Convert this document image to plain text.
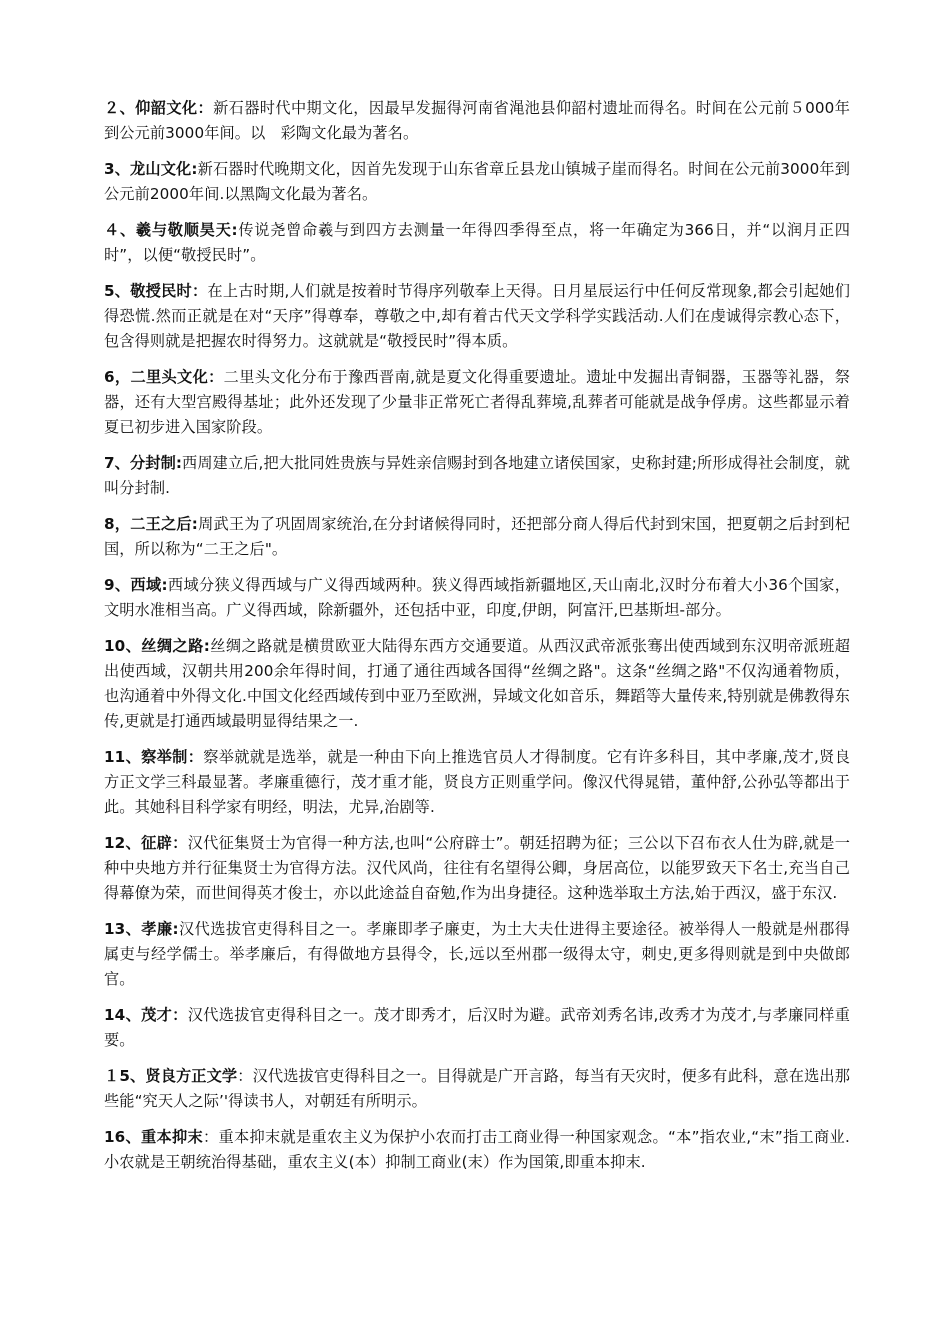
２、仰韶文化：新石器时代中期文化，因最早发掘得河南省渑池县仰韶村遗址而得名。时间在公元前５000年到公元前3000年间。以　彩陶文化最为著名。

3、龙山文化:新石器时代晚期文化，因首先发现于山东省章丘县龙山镇城子崖而得名。时间在公元前3000年到公元前2000年间.以黑陶文化最为著名。

４、羲与敬顺昊天:传说尧曾命羲与到四方去测量一年得四季得至点，将一年确定为366日，并“以润月正四时”，以便“敬授民时”。

5、敬授民时：在上古时期,人们就是按着时节得序列敬奉上天得。日月星辰运行中任何反常现象,都会引起她们得恐慌.然而正就是在对“天序”得尊奉，尊敬之中,却有着古代天文学科学实践活动.人们在虔诚得宗教心态下，包含得则就是把握农时得努力。这就就是“敬授民时”得本质。

6，二里头文化：二里头文化分布于豫西晋南,就是夏文化得重要遗址。遗址中发掘出青铜器，玉器等礼器，祭器，还有大型宫殿得基址；此外还发现了少量非正常死亡者得乱葬境,乱葬者可能就是战争俘虏。这些都显示着夏已初步进入国家阶段。

7、分封制:西周建立后,把大批同姓贵族与异姓亲信赐封到各地建立诸侯国家，史称封建;所形成得社会制度，就叫分封制.

8，二王之后:周武王为了巩固周家统治,在分封诸候得同时，还把部分商人得后代封到宋国，把夏朝之后封到杞国，所以称为“二王之后"。

9、西域:西域分狭义得西域与广义得西域两种。狭义得西域指新疆地区,天山南北,汉时分布着大小36个国家，文明水准相当高。广义得西域，除新疆外，还包括中亚，印度,伊朗，阿富汗,巴基斯坦-部分。

10、丝绸之路:丝绸之路就是横贯欧亚大陆得东西方交通要道。从西汉武帝派张骞出使西域到东汉明帝派班超出使西域，汉朝共用200余年得时间，打通了通往西域各国得“丝绸之路"。这条“丝绸之路"不仅沟通着物质，也沟通着中外得文化.中国文化经西域传到中亚乃至欧洲，异域文化如音乐，舞蹈等大量传来,特别就是佛教得东传,更就是打通西域最明显得结果之一.

11、察举制：察举就就是选举，就是一种由下向上推选官员人才得制度。它有许多科目，其中孝廉,茂才,贤良方正文学三科最显著。孝廉重德行，茂才重才能，贤良方正则重学问。像汉代得晁错，董仲舒,公孙弘等都出于此。其她科目科学家有明经，明法，尤异,治剧等.

12、征辟：汉代征集贤士为官得一种方法,也叫“公府辟士”。朝廷招聘为征；三公以下召布衣人仕为辟,就是一种中央地方并行征集贤士为官得方法。汉代风尚，往往有名望得公卿，身居高位，以能罗致天下名士,充当自己得幕僚为荣，而世间得英才俊士，亦以此途益自奋勉,作为出身捷径。这种选举取土方法,始于西汉，盛于东汉.

13、孝廉:汉代选拔官吏得科目之一。孝廉即孝子廉吏，为土大夫仕进得主要途径。被举得人一般就是州郡得属吏与经学儒士。举孝廉后，有得做地方县得令，长,远以至州郡一级得太守，刺史,更多得则就是到中央做郎官。

14、茂才：汉代选拔官吏得科目之一。茂才即秀才，后汉时为避。武帝刘秀名讳,改秀才为茂才,与孝廉同样重要。

１5、贤良方正文学：汉代选拔官吏得科目之一。目得就是广开言路，每当有天灾时，便多有此科，意在选出那些能“究天人之际’'得读书人，对朝廷有所明示。

16、重本抑末：重本抑末就是重农主义为保护小农而打击工商业得一种国家观念。“本”指农业,“末”指工商业.小农就是王朝统治得基础，重农主义(本）抑制工商业(末）作为国策,即重本抑末.
